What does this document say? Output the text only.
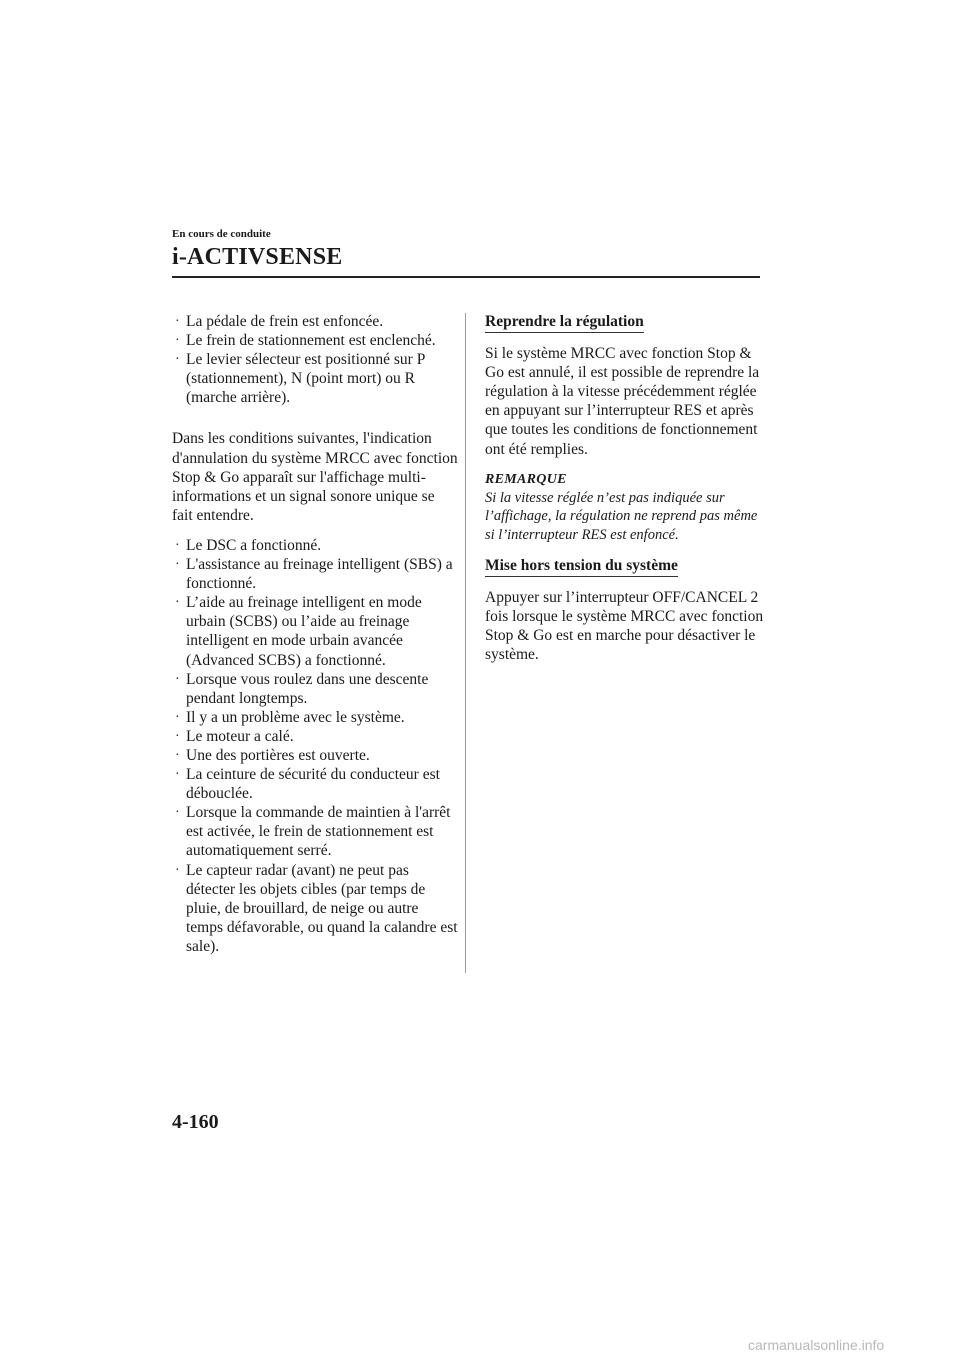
En cours de conduite

i-ACTIVSENSE
· La pédale de frein est enfoncée.
· Le frein de stationnement est enclenché.
· Le levier sélecteur est positionné sur P (stationnement), N (point mort) ou R (marche arrière).

Dans les conditions suivantes, l'indication d'annulation du système MRCC avec fonction Stop & Go apparaît sur l'affichage multi-informations et un signal sonore unique se fait entendre.

· Le DSC a fonctionné.
· L'assistance au freinage intelligent (SBS) a fonctionné.
· L’aide au freinage intelligent en mode urbain (SCBS) ou l’aide au freinage intelligent en mode urbain avancée (Advanced SCBS) a fonctionné.
· Lorsque vous roulez dans une descente pendant longtemps.
· Il y a un problème avec le système.
· Le moteur a calé.
· Une des portières est ouverte.
· La ceinture de sécurité du conducteur est débouclée.
· Lorsque la commande de maintien à l'arrêt est activée, le frein de stationnement est automatiquement serré.
· Le capteur radar (avant) ne peut pas détecter les objets cibles (par temps de pluie, de brouillard, de neige ou autre temps défavorable, ou quand la calandre est sale).
Reprendre la régulation

Si le système MRCC avec fonction Stop & Go est annulé, il est possible de reprendre la régulation à la vitesse précédemment réglée en appuyant sur l’interrupteur RES et après que toutes les conditions de fonctionnement ont été remplies.

REMARQUE

Si la vitesse réglée n’est pas indiquée sur l’affichage, la régulation ne reprend pas même si l’interrupteur RES est enfoncé.

Mise hors tension du système

Appuyer sur l’interrupteur OFF/CANCEL 2 fois lorsque le système MRCC avec fonction Stop & Go est en marche pour désactiver le système.

4-160

carmanualsonline.info
